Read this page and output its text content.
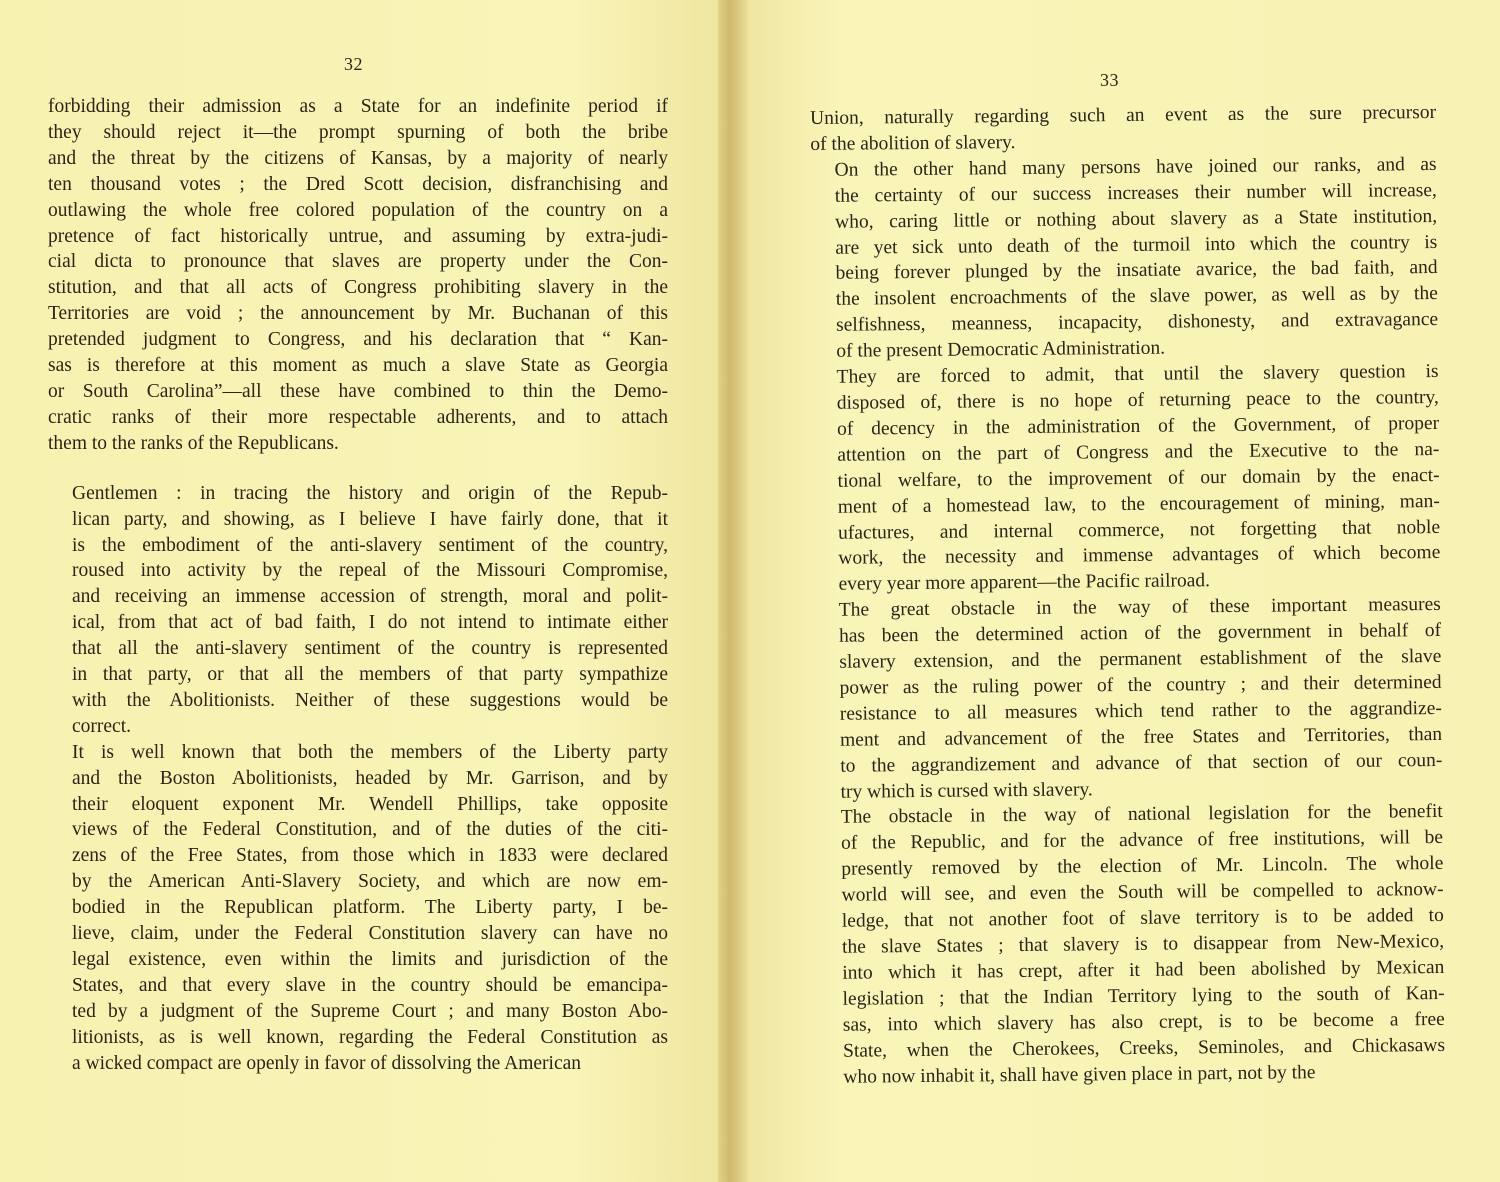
32

forbidding their admission as a State for an indefinite period if
they should reject it—the prompt spurning of both the bribe
and the threat by the citizens of Kansas, by a majority of nearly
ten thousand votes ; the Dred Scott decision, disfranchising and
outlawing the whole free colored population of the country on a
pretence of fact historically untrue, and assuming by extra-judi-
cial dicta to pronounce that slaves are property under the Con-
stitution, and that all acts of Congress prohibiting slavery in the
Territories are void ; the announcement by Mr. Buchanan of this
pretended judgment to Congress, and his declaration that “ Kan-
sas is therefore at this moment as much a slave State as Georgia
or South Carolina”—all these have combined to thin the Demo-
cratic ranks of their more respectable adherents, and to attach
them to the ranks of the Republicans.

Gentlemen : in tracing the history and origin of the Repub-
lican party, and showing, as I believe I have fairly done, that it
is the embodiment of the anti-slavery sentiment of the country,
roused into activity by the repeal of the Missouri Compromise,
and receiving an immense accession of strength, moral and polit-
ical, from that act of bad faith, I do not intend to intimate either
that all the anti-slavery sentiment of the country is represented
in that party, or that all the members of that party sympathize
with the Abolitionists. Neither of these suggestions would be
correct.

It is well known that both the members of the Liberty party
and the Boston Abolitionists, headed by Mr. Garrison, and by
their eloquent exponent Mr. Wendell Phillips, take opposite
views of the Federal Constitution, and of the duties of the citi-
zens of the Free States, from those which in 1833 were declared
by the American Anti-Slavery Society, and which are now em-
bodied in the Republican platform. The Liberty party, I be-
lieve, claim, under the Federal Constitution slavery can have no
legal existence, even within the limits and jurisdiction of the
States, and that every slave in the country should be emancipa-
ted by a judgment of the Supreme Court ; and many Boston Abo-
litionists, as is well known, regarding the Federal Constitution as
a wicked compact are openly in favor of dissolving the American

33

Union, naturally regarding such an event as the sure precursor
of the abolition of slavery.

On the other hand many persons have joined our ranks, and as
the certainty of our success increases their number will increase,
who, caring little or nothing about slavery as a State institution,
are yet sick unto death of the turmoil into which the country is
being forever plunged by the insatiate avarice, the bad faith, and
the insolent encroachments of the slave power, as well as by the
selfishness, meanness, incapacity, dishonesty, and extravagance
of the present Democratic Administration.

They are forced to admit, that until the slavery question is
disposed of, there is no hope of returning peace to the country,
of decency in the administration of the Government, of proper
attention on the part of Congress and the Executive to the na-
tional welfare, to the improvement of our domain by the enact-
ment of a homestead law, to the encouragement of mining, man-
ufactures, and internal commerce, not forgetting that noble
work, the necessity and immense advantages of which become
every year more apparent—the Pacific railroad.

The great obstacle in the way of these important measures
has been the determined action of the government in behalf of
slavery extension, and the permanent establishment of the slave
power as the ruling power of the country ; and their determined
resistance to all measures which tend rather to the aggrandize-
ment and advancement of the free States and Territories, than
to the aggrandizement and advance of that section of our coun-
try which is cursed with slavery.

The obstacle in the way of national legislation for the benefit
of the Republic, and for the advance of free institutions, will be
presently removed by the election of Mr. Lincoln. The whole
world will see, and even the South will be compelled to acknow-
ledge, that not another foot of slave territory is to be added to
the slave States ; that slavery is to disappear from New-Mexico,
into which it has crept, after it had been abolished by Mexican
legislation ; that the Indian Territory lying to the south of Kan-
sas, into which slavery has also crept, is to be become a free
State, when the Cherokees, Creeks, Seminoles, and Chickasaws
who now inhabit it, shall have given place in part, not by the
